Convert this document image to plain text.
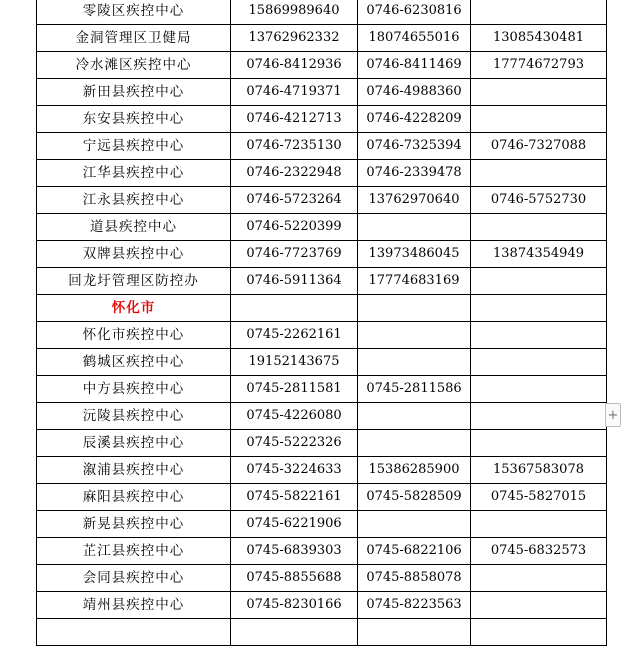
零陵区疾控中心	15869989640	0746-6230816	
金洞管理区卫健局	13762962332	18074655016	13085430481
冷水滩区疾控中心	0746-8412936	0746-8411469	17774672793
新田县疾控中心	0746-4719371	0746-4988360	
东安县疾控中心	0746-4212713	0746-4228209	
宁远县疾控中心	0746-7235130	0746-7325394	0746-7327088
江华县疾控中心	0746-2322948	0746-2339478	
江永县疾控中心	0746-5723264	13762970640	0746-5752730
道县疾控中心	0746-5220399		
双牌县疾控中心	0746-7723769	13973486045	13874354949
回龙圩管理区防控办	0746-5911364	17774683169	
怀化市			
怀化市疾控中心	0745-2262161		
鹤城区疾控中心	19152143675		
中方县疾控中心	0745-2811581	0745-2811586	
沅陵县疾控中心	0745-4226080		
辰溪县疾控中心	0745-5222326		
溆浦县疾控中心	0745-3224633	15386285900	15367583078
麻阳县疾控中心	0745-5822161	0745-5828509	0745-5827015
新晃县疾控中心	0745-6221906		
芷江县疾控中心	0745-6839303	0745-6822106	0745-6832573
会同县疾控中心	0745-8855688	0745-8858078	
靖州县疾控中心	0745-8230166	0745-8223563	

+
